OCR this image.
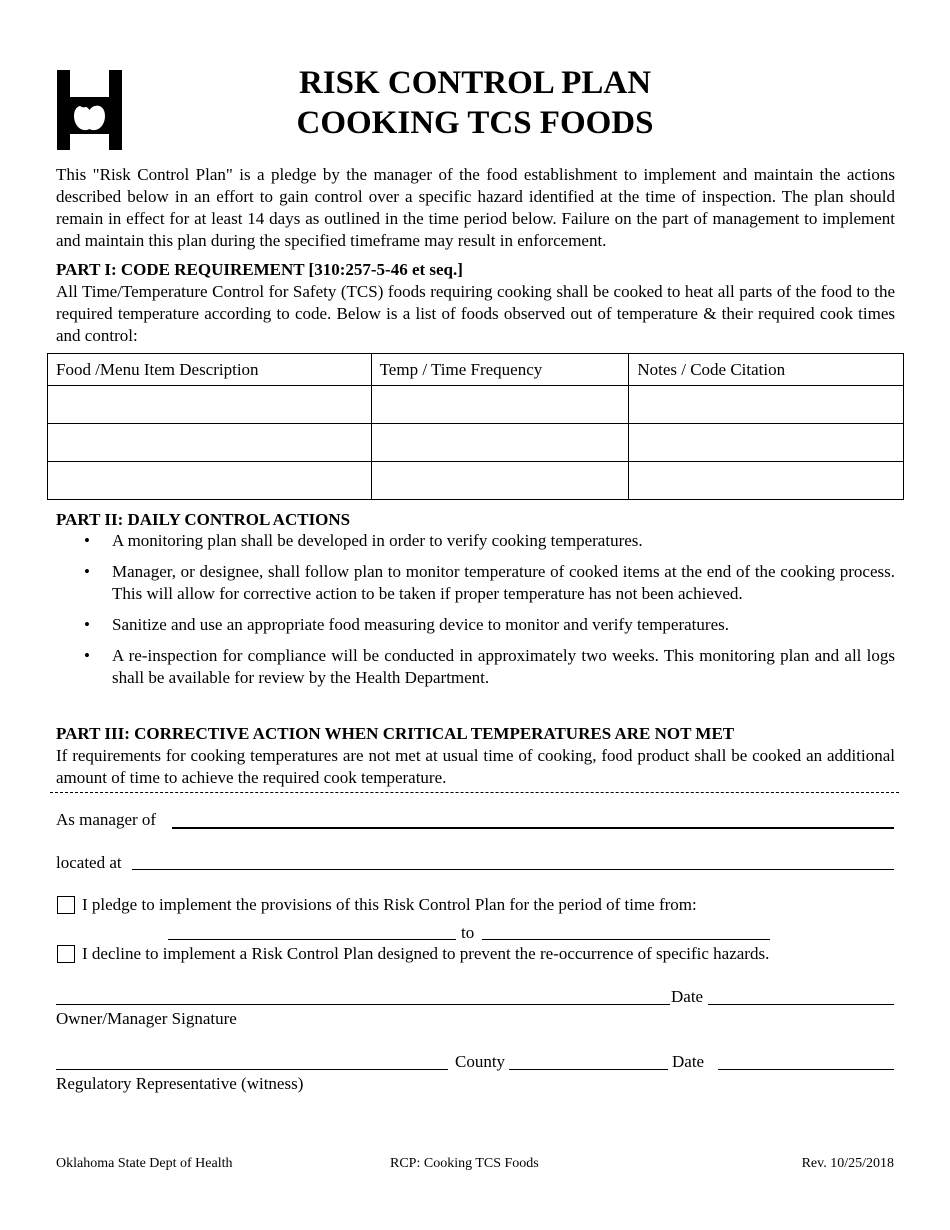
RISK CONTROL PLAN
COOKING TCS FOODS

This "Risk Control Plan" is a pledge by the manager of the food establishment to implement and maintain the actions described below in an effort to gain control over a specific hazard identified at the time of inspection. The plan should remain in effect for at least 14 days as outlined in the time period below. Failure on the part of management to implement and maintain this plan during the specified timeframe may result in enforcement.

PART I: CODE REQUIREMENT [310:257-5-46 et seq.]

All Time/Temperature Control for Safety (TCS) foods requiring cooking shall be cooked to heat all parts of the food to the required temperature according to code. Below is a list of foods observed out of temperature & their required cook times and control:

Food /Menu Item Description	Temp / Time Frequency	Notes / Code Citation

PART II: DAILY CONTROL ACTIONS
• A monitoring plan shall be developed in order to verify cooking temperatures.
• Manager, or designee, shall follow plan to monitor temperature of cooked items at the end of the cooking process. This will allow for corrective action to be taken if proper temperature has not been achieved.
• Sanitize and use an appropriate food measuring device to monitor and verify temperatures.
• A re-inspection for compliance will be conducted in approximately two weeks. This monitoring plan and all logs shall be available for review by the Health Department.
PART III: CORRECTIVE ACTION WHEN CRITICAL TEMPERATURES ARE NOT MET

If requirements for cooking temperatures are not met at usual time of cooking, food product shall be cooked an additional amount of time to achieve the required cook temperature.

As manager of
located at
I pledge to implement the provisions of this Risk Control Plan for the period of time from:
to
I decline to implement a Risk Control Plan designed to prevent the re-occurrence of specific hazards.
Date
Owner/Manager Signature
County	Date
Regulatory Representative (witness)
Oklahoma State Dept of Health	RCP: Cooking TCS Foods	Rev. 10/25/2018
